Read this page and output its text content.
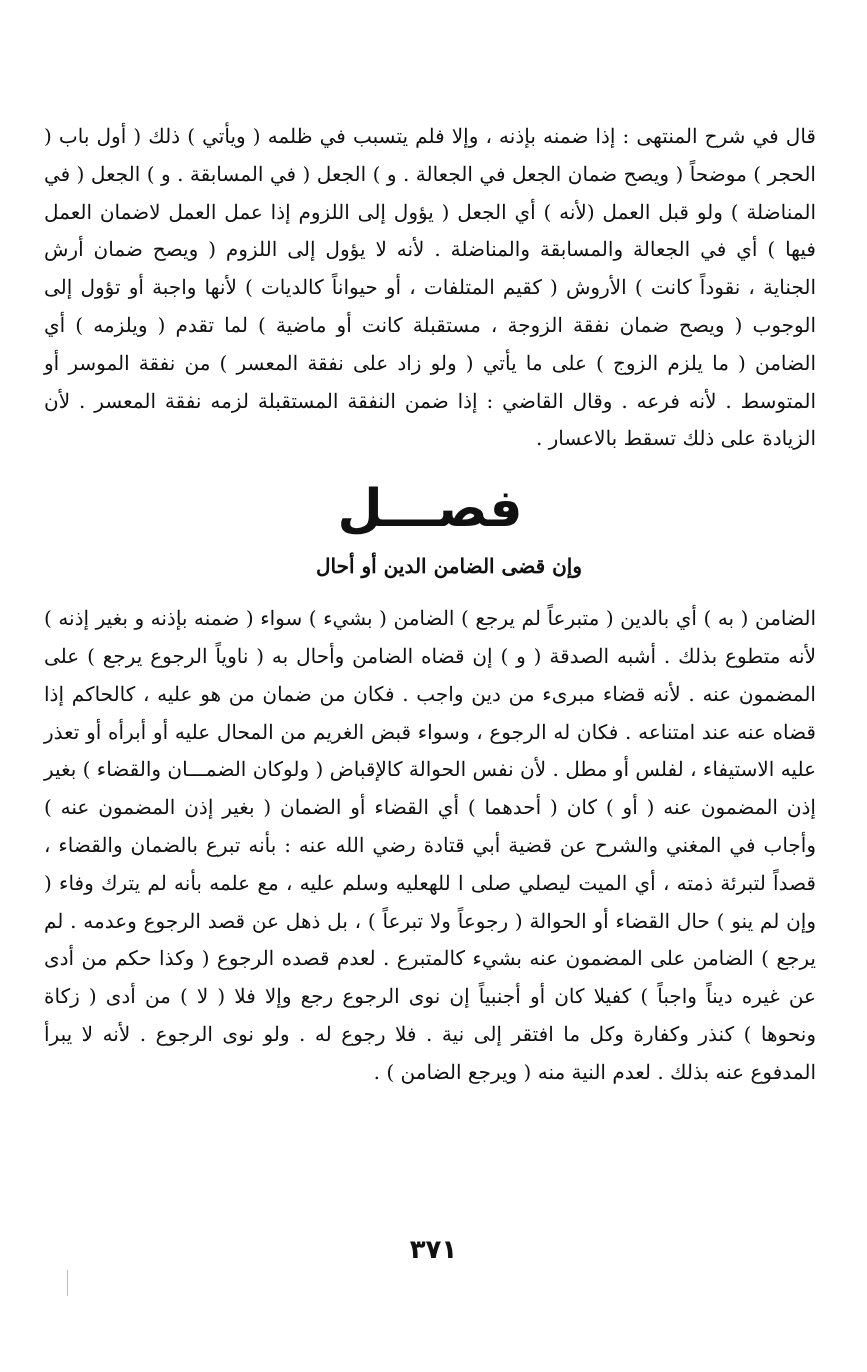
قال في شرح المنتهى : إذا ضمنه بإذنه ، وإلا فلم يتسبب في ظلمه ( ويأتي ) ذلك ( أول باب ( الحجر ) موضحاً ( ويصح ضمان الجعل في الجعالة . و ) الجعل ( في المسابقة . و ) الجعل ( في المناضلة ) ولو قبل العمل (لأنه ) أي الجعل ( يؤول إلى اللزوم إذا عمل العمل لاضمان العمل فيها ) أي في الجعالة والمسابقة والمناضلة . لأنه لا يؤول إلى اللزوم ( ويصح ضمان أرش الجناية ، نقوداً كانت ) الأروش ( كقيم المتلفات ، أو حيواناً كالديات ) لأنها واجبة أو تؤول إلى الوجوب ( ويصح ضمان نفقة الزوجة ، مستقبلة كانت أو ماضية ) لما تقدم ( ويلزمه ) أي الضامن ( ما يلزم الزوج ) على ما يأتي ( ولو زاد على نفقة المعسر ) من نفقة الموسر أو المتوسط . لأنه فرعه . وقال القاضي : إذا ضمن النفقة المستقبلة لزمه نفقة المعسر . لأن الزيادة على ذلك تسقط بالاعسار .

فصـــل
وإن قضى الضامن الدين أو أحال

الضامن ( به ) أي بالدين ( متبرعاً لم يرجع ) الضامن ( بشيء ) سواء ( ضمنه بإذنه و بغير إذنه ) لأنه متطوع بذلك . أشبه الصدقة ( و ) إن قضاه الضامن وأحال به ( ناوياً الرجوع يرجع ) على المضمون عنه . لأنه قضاء مبرىء من دين واجب . فكان من ضمان من هو عليه ، كالحاكم إذا قضاه عنه عند امتناعه . فكان له الرجوع ، وسواء قبض الغريم من المحال عليه أو أبرأه أو تعذر عليه الاستيفاء ، لفلس أو مطل . لأن نفس الحوالة كالإقباض ( ولوكان الضمـــان والقضاء ) بغير إذن المضمون عنه ( أو ) كان ( أحدهما ) أي القضاء أو الضمان ( بغير إذن المضمون عنه ) وأجاب في المغني والشرح عن قضية أبي قتادة رضي الله عنه : بأنه تبرع بالضمان والقضاء ، قصداً لتبرئة ذمته ، أي الميت ليصلي صلى ا للهعليه وسلم عليه ، مع علمه بأنه لم يترك وفاء ( وإن لم ينو ) حال القضاء أو الحوالة ( رجوعاً ولا تبرعاً ) ، بل ذهل عن قصد الرجوع وعدمه . لم يرجع ) الضامن على المضمون عنه بشيء كالمتبرع . لعدم قصده الرجوع ( وكذا حكم من أدى عن غيره ديناً واجباً ) كفيلا كان أو أجنبياً إن نوى الرجوع رجع وإلا فلا ( لا ) من أدى ( زكاة ونحوها ) كنذر وكفارة وكل ما افتقر إلى نية . فلا رجوع له . ولو نوى الرجوع . لأنه لا يبرأ المدفوع عنه بذلك . لعدم النية منه ( ويرجع الضامن ) .

٣٧١
